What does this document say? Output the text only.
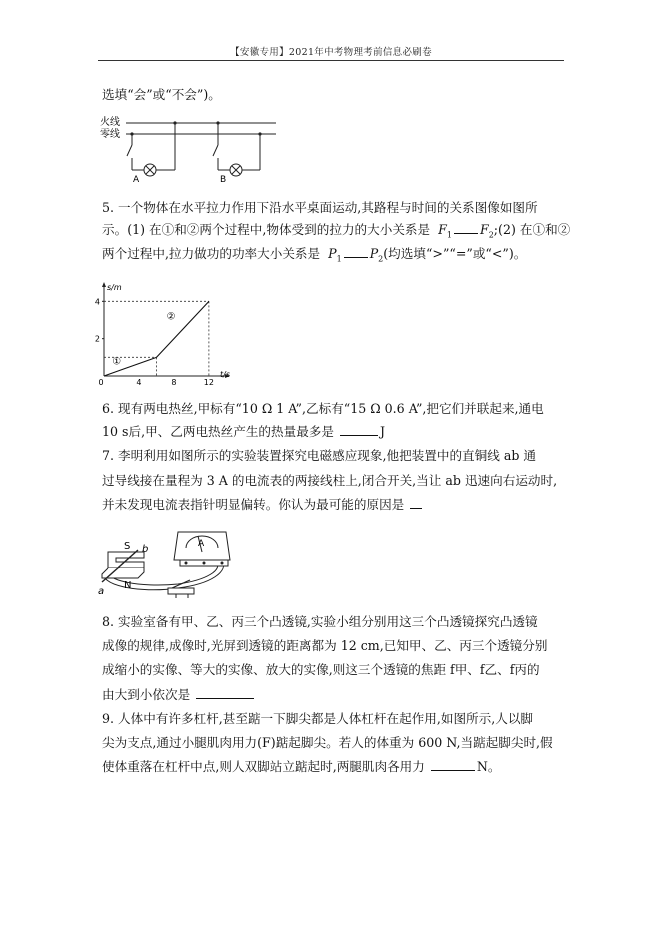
【安徽专用】2021年中考物理考前信息必刷卷
选填“会”或“不会”)。
火线
零线
A	B
5. 一个物体在水平拉力作用下沿水平桌面运动,其路程与时间的关系图像如图所
示。(1) 在①和②两个过程中,物体受到的拉力的大小关系是 $F_1$ $F_2;(2)$ 在①和②
两个过程中,拉力做功的功率大小关系是 $P_1$ $P_2$(均选填“>”“=”或“<”)。
t/s
s/m
0	4	8	12
2
4
①
②
6. 现有两电热丝,甲标有“10 Ω 1 A”,乙标有“15 Ω 0.6 A”,把它们并联起来,通电
10 s后,甲、乙两电热丝产生的热量最多是	J
7. 李明利用如图所示的实验装置探究电磁感应现象,他把装置中的直铜线 ab 通
过导线接在量程为 3 A 的电流表的两接线柱上,闭合开关,当让 ab 迅速向右运动时,
并未发现电流表指针明显偏转。你认为最可能的原因是
S
N
a
b	A
8. 实验室备有甲、乙、丙三个凸透镜,实验小组分别用这三个凸透镜探究凸透镜
成像的规律,成像时,光屏到透镜的距离都为 12 cm,已知甲、乙、丙三个透镜分别
成缩小的实像、等大的实像、放大的实像,则这三个透镜的焦距 f甲、f乙、f丙的
由大到小依次是
9. 人体中有许多杠杆,甚至踮一下脚尖都是人体杠杆在起作用,如图所示,人以脚
尖为支点,通过小腿肌肉用力(F)踮起脚尖。若人的体重为 600 N,当踮起脚尖时,假
使体重落在杠杆中点,则人双脚站立踮起时,两腿肌肉各用力	N。
